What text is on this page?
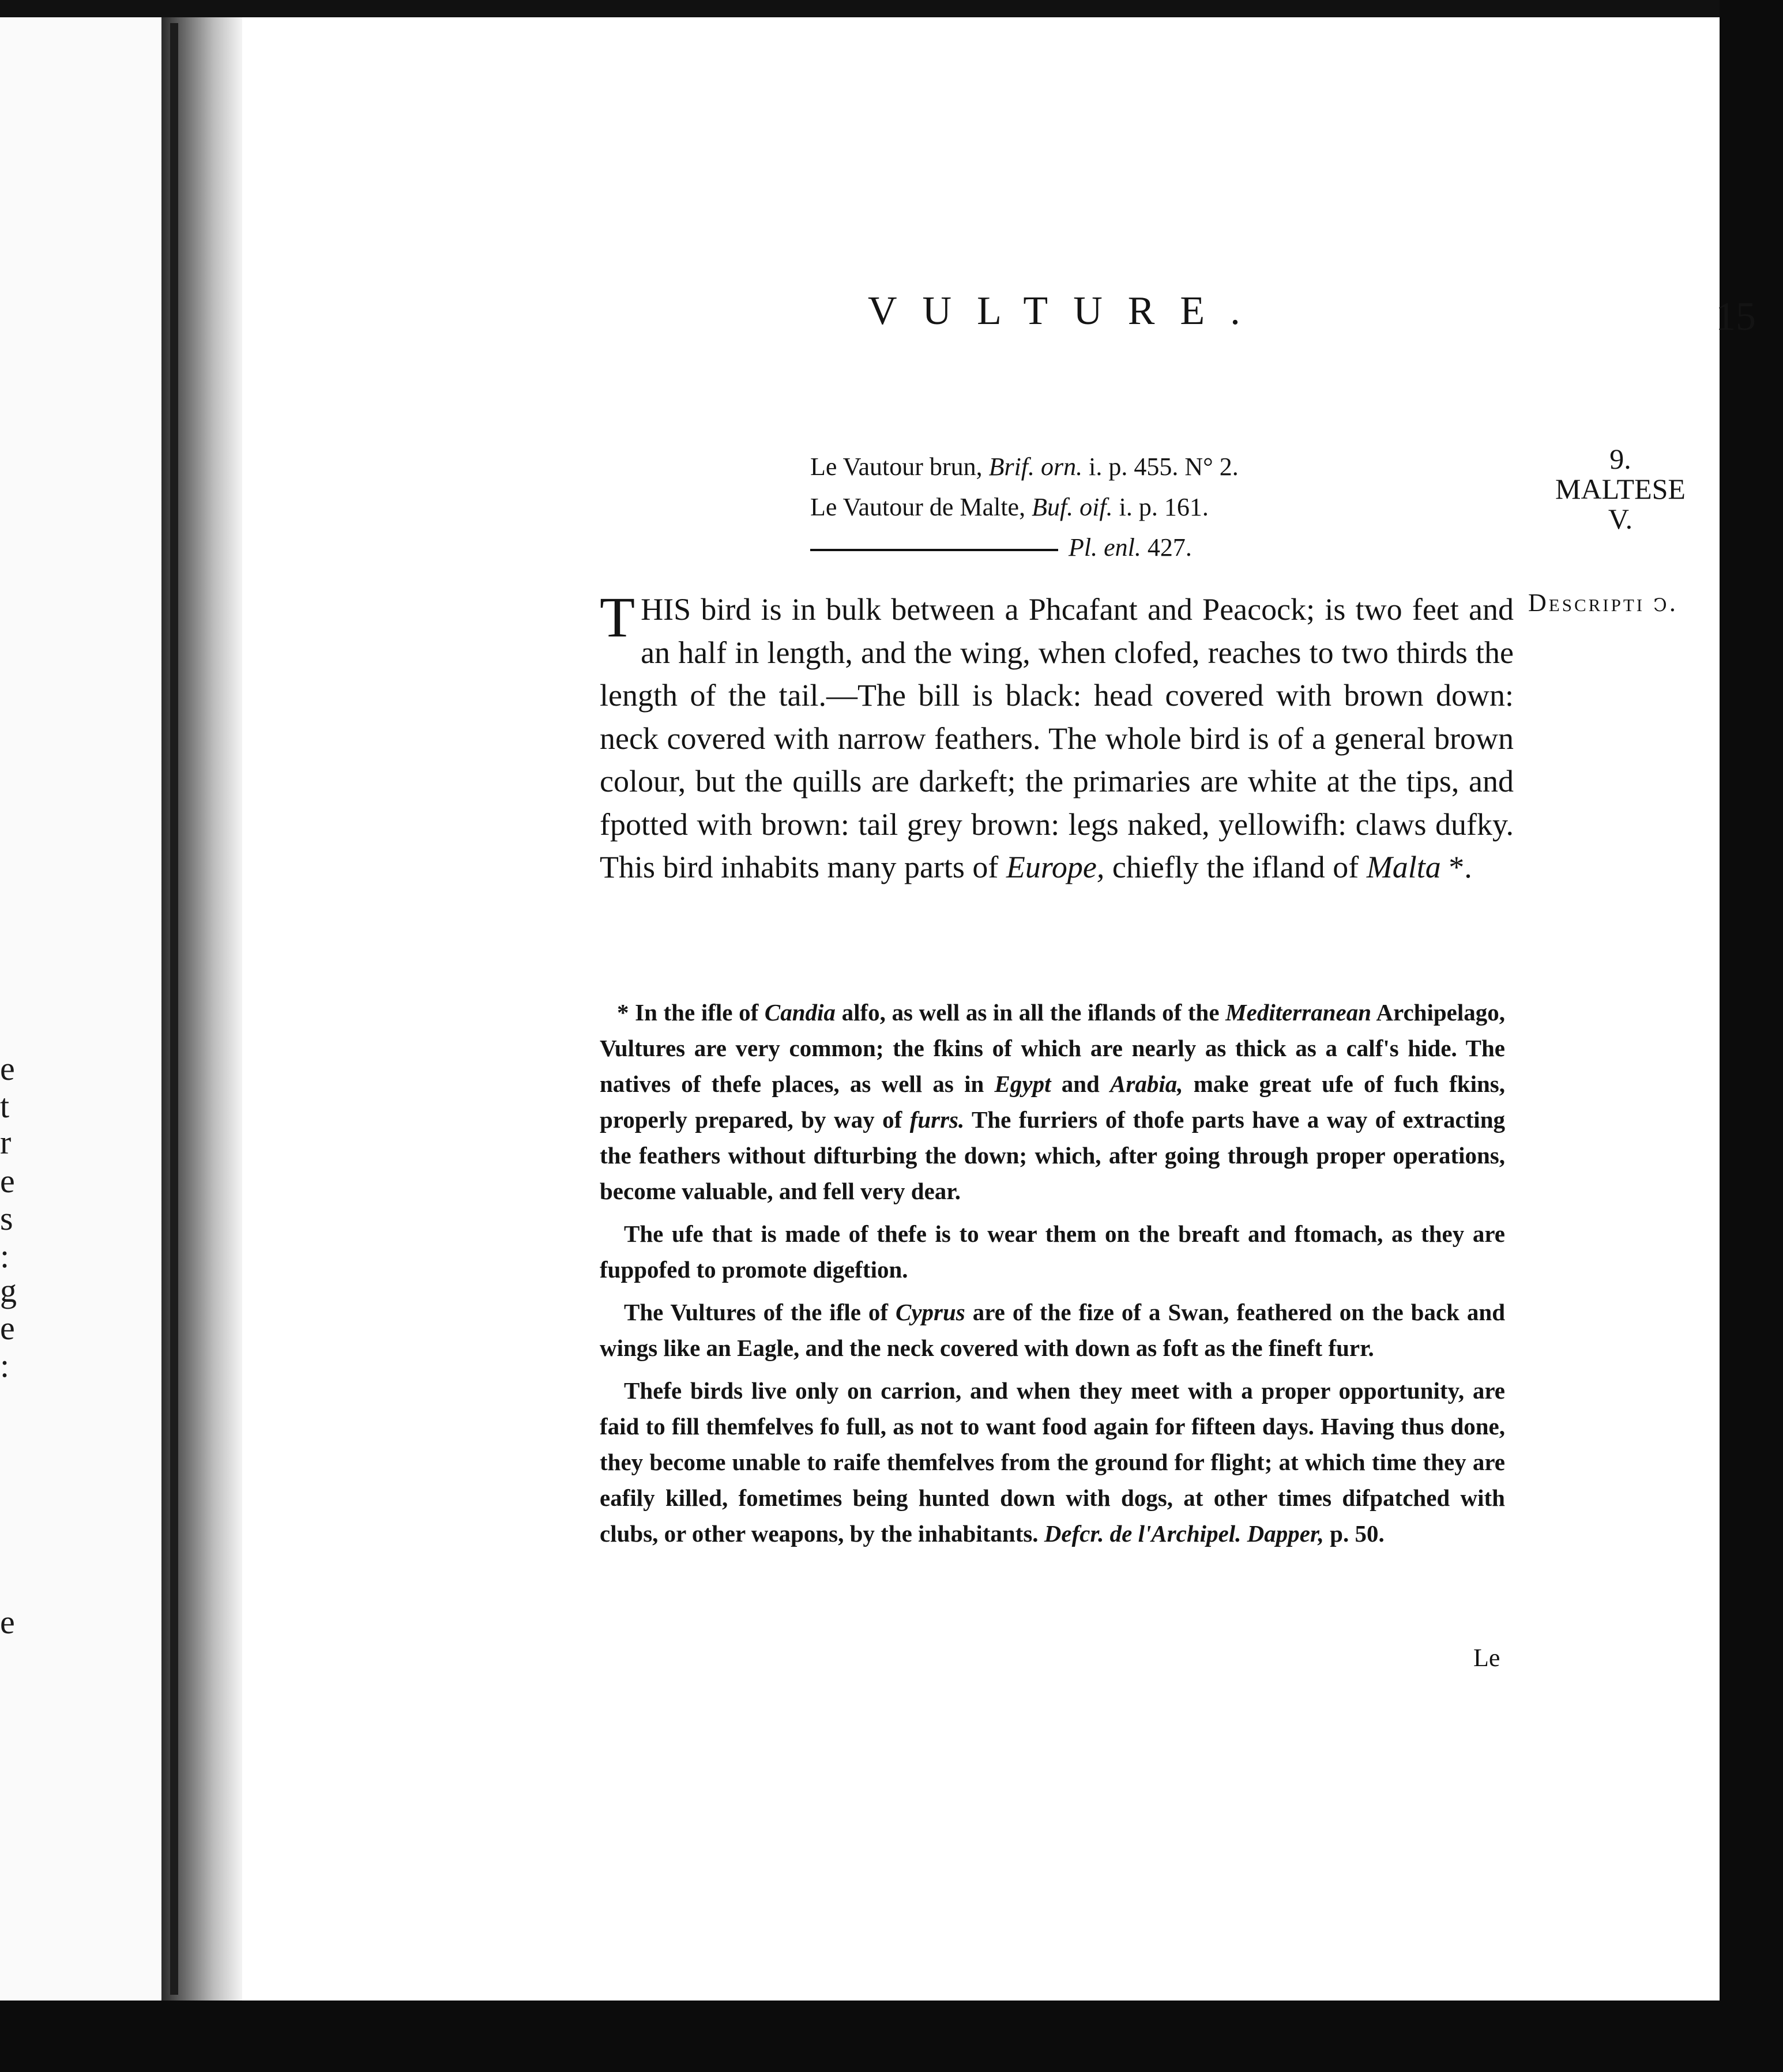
e
t
r
e
s
:
g
e
:
e
VULTURE.	15
Le Vautour brun, Brif. orn. i. p. 455. N° 2.
Le Vautour de Malte, Buf. oif. i. p. 161.
Pl. enl. 427.
9.
MALTESE
V.
Descripti ↄ.
THIS bird is in bulk between a Phcafant and Peacock; is two feet and an half in length, and the wing, when clofed, reaches to two thirds the length of the tail.—The bill is black: head covered with brown down: neck covered with narrow feathers. The whole bird is of a general brown colour, but the quills are darkeft; the primaries are white at the tips, and fpotted with brown: tail grey brown: legs naked, yellowifh: claws dufky. This bird inhabits many parts of Europe, chiefly the ifland of Malta *.

* In the ifle of Candia alfo, as well as in all the iflands of the Mediterranean Archipelago, Vultures are very common; the fkins of which are nearly as thick as a calf's hide. The natives of thefe places, as well as in Egypt and Arabia, make great ufe of fuch fkins, properly prepared, by way of furrs. The furriers of thofe parts have a way of extracting the feathers without difturbing the down; which, after going through proper operations, become valuable, and fell very dear.

The ufe that is made of thefe is to wear them on the breaft and ftomach, as they are fuppofed to promote digeftion.

The Vultures of the ifle of Cyprus are of the fize of a Swan, feathered on the back and wings like an Eagle, and the neck covered with down as foft as the fineft furr.

Thefe birds live only on carrion, and when they meet with a proper opportunity, are faid to fill themfelves fo full, as not to want food again for fifteen days. Having thus done, they become unable to raife themfelves from the ground for flight; at which time they are eafily killed, fometimes being hunted down with dogs, at other times difpatched with clubs, or other weapons, by the inhabitants. Defcr. de l'Archipel. Dapper, p. 50.

Le
